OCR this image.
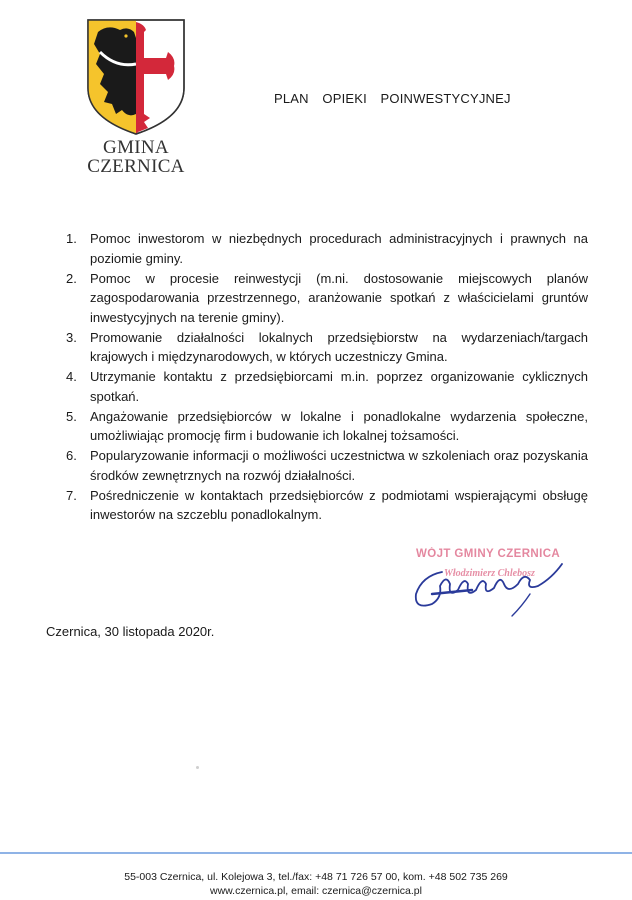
GMINA
CZERNICA
PLAN  OPIEKI  POINWESTYCYJNEJ
1. Pomoc inwestorom w niezbędnych procedurach administracyjnych i prawnych na poziomie gminy.
2. Pomoc w procesie reinwestycji (m.ni. dostosowanie miejscowych planów zagospodarowania przestrzennego, aranżowanie spotkań z właścicielami gruntów inwestycyjnych na terenie gminy).
3. Promowanie działalności lokalnych przedsiębiorstw na wydarzeniach/targach krajowych i międzynarodowych, w których uczestniczy Gmina.
4. Utrzymanie kontaktu z przedsiębiorcami m.in. poprzez organizowanie cyklicznych spotkań.
5. Angażowanie przedsiębiorców w lokalne i ponadlokalne wydarzenia społeczne, umożliwiając promocję firm i budowanie ich lokalnej tożsamości.
6. Popularyzowanie informacji o możliwości uczestnictwa w szkoleniach oraz pozyskania środków zewnętrznych na rozwój działalności.
7. Pośredniczenie w kontaktach przedsiębiorców z podmiotami wspierającymi obsługę inwestorów na szczeblu ponadlokalnym.
WÓJT GMINY CZERNICA
Włodzimierz Chlebosz
Czernica, 30 listopada 2020r.
55-003 Czernica, ul. Kolejowa 3, tel./fax: +48 71 726 57 00, kom. +48 502 735 269
www.czernica.pl, email: czernica@czernica.pl
